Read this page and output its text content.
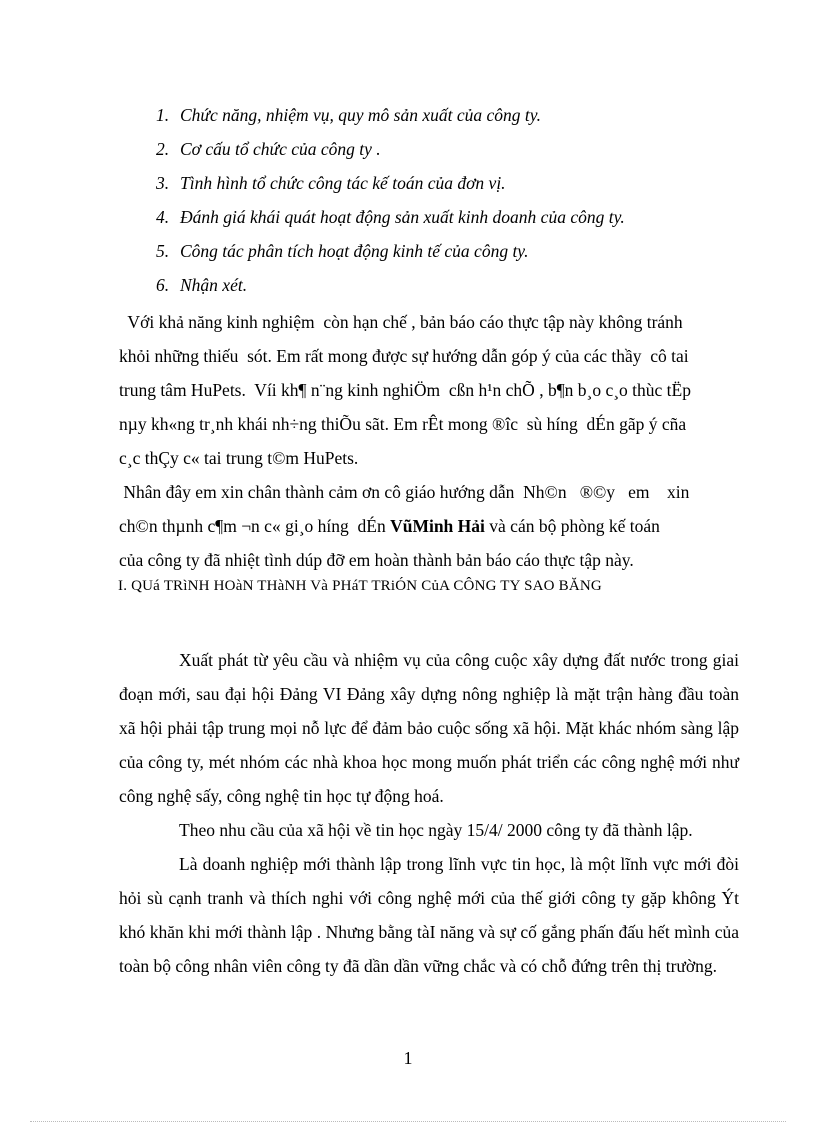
1. Chức năng, nhiệm vụ, quy mô sản xuất của công ty.
2. Cơ cấu tổ chức của công ty .
3. Tình hình tổ chức công tác kế toán của đơn vị.
4. Đánh giá khái quát hoạt động sản xuất kinh doanh của công ty.
5. Công tác phân tích hoạt động kinh tế của công ty.
6. Nhận xét.
Với khả năng kinh nghiệm  còn hạn chế , bản báo cáo thực tập này không tránh
khỏi những thiếu  sót. Em rất mong được sự hướng dẫn góp ý của các thầy  cô tai
trung tâm HuPets.  Víi kh¶ n¨ng kinh nghiÖm  cßn h¹n chÕ , b¶n b¸o c¸o thùc tËp
nµy kh«ng tr¸nh khái nh÷ng thiÕu sãt. Em rÊt mong ®îc  sù híng  dÉn gãp ý cña
c¸c thÇy c« tai trung t©m HuPets.
Nhân đây em xin chân thành cảm ơn cô giáo hướng dẫn  Nh©n   ®©y   em    xin
ch©n thµnh c¶m ¬n c« gi¸o híng  dÉn VũMinh Hải và cán bộ phòng kế toán
của công ty đã nhiệt tình dúp đỡ em hoàn thành bản báo cáo thực tập này.
I. QUá TRìNH HOàN THàNH Và PHáT TRiÓN CủA CÔNG TY SAO BĂNG

Xuất phát từ yêu cầu và nhiệm vụ của công cuộc xây dựng đất nước trong giai đoạn mới, sau đại hội Đảng VI Đảng xây dựng nông nghiệp là mặt trận hàng đầu toàn xã hội phải tập trung mọi nỗ lực để đảm bảo cuộc sống xã hội. Mặt khác nhóm sàng lập của công ty, mét nhóm các nhà khoa học mong muốn phát triển các công nghệ mới như công nghệ sấy, công nghệ tin học tự động hoá.

Theo nhu cầu của xã hội về tin học ngày 15/4/ 2000 công ty đã thành lập.

Là doanh nghiệp mới thành lập trong lĩnh vực tin học, là một lĩnh vực mới đòi hỏi sù cạnh tranh và thích nghi với công nghệ mới của thế giới công ty gặp không Ýt khó khăn khi mới thành lập . Nhưng bằng tàI năng và sự cố gắng phấn đấu hết mình của toàn bộ công nhân viên công ty đã dần dần vững chắc và có chỗ đứng trên thị trường.

1
